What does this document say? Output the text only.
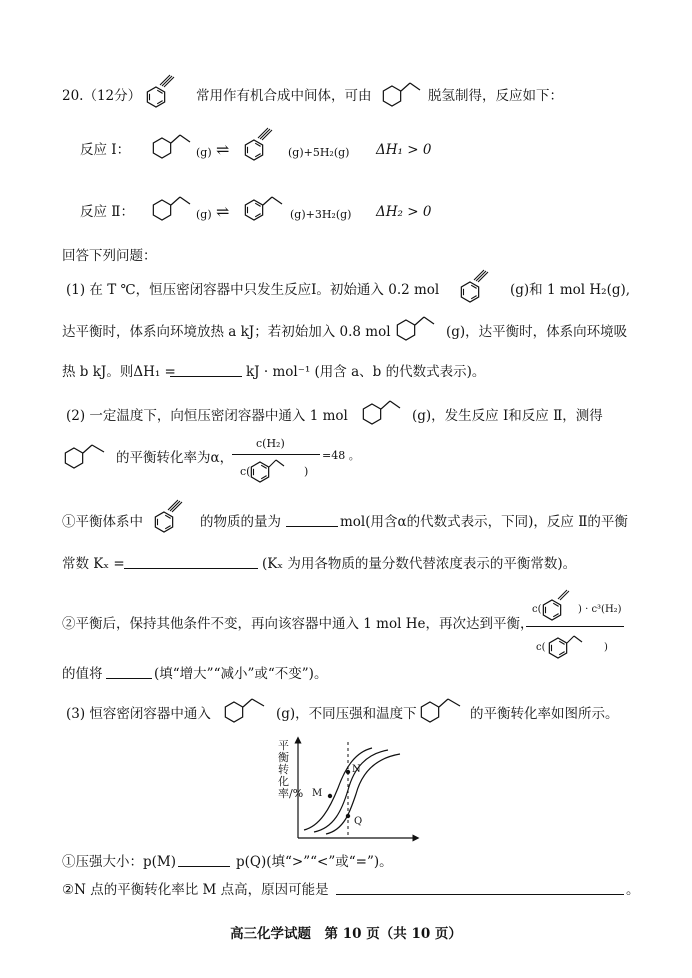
20.（12分）	常用作有机合成中间体，可由	脱氢制得，反应如下：
反应 Ⅰ：	(g) ⇌	(g)+5H₂(g) ΔH₁ > 0
反应 Ⅱ：	(g) ⇌	(g)+3H₂(g) ΔH₂ > 0
回答下列问题：
(1) 在 T ℃，恒压密闭容器中只发生反应Ⅰ。初始通入 0.2 mol	(g)和 1 mol H₂(g),
达平衡时，体系向环境放热 a kJ；若初始加入 0.8 mol	(g)，达平衡时，体系向环境吸
热 b kJ。则ΔH₁ =	kJ · mol⁻¹ (用含 a、b 的代数式表示)。
(2) 一定温度下，向恒压密闭容器中通入 1 mol	(g)，发生反应 Ⅰ和反应 Ⅱ，测得
的平衡转化率为α，
c(H₂)
c(	)
=48 。
①平衡体系中	的物质的量为	mol(用含α的代数式表示，下同)，反应 Ⅱ的平衡
常数 Kₓ =	(Kₓ 为用各物质的量分数代替浓度表示的平衡常数)。
②平衡后，保持其他条件不变，再向该容器中通入 1 mol He，再次达到平衡，
c(	) · c³(H₂)
c(	)
的值将	(填“增大”“减小”或“不变”)。
(3) 恒容密闭容器中通入	(g)，不同压强和温度下	的平衡转化率如图所示。
平衡转化率/% M
N
Q
①压强大小：p(M)	p(Q)(填“>”“<”或“=”)。
②N 点的平衡转化率比 M 点高，原因可能是	。
高三化学试题　第 10 页（共 10 页）
